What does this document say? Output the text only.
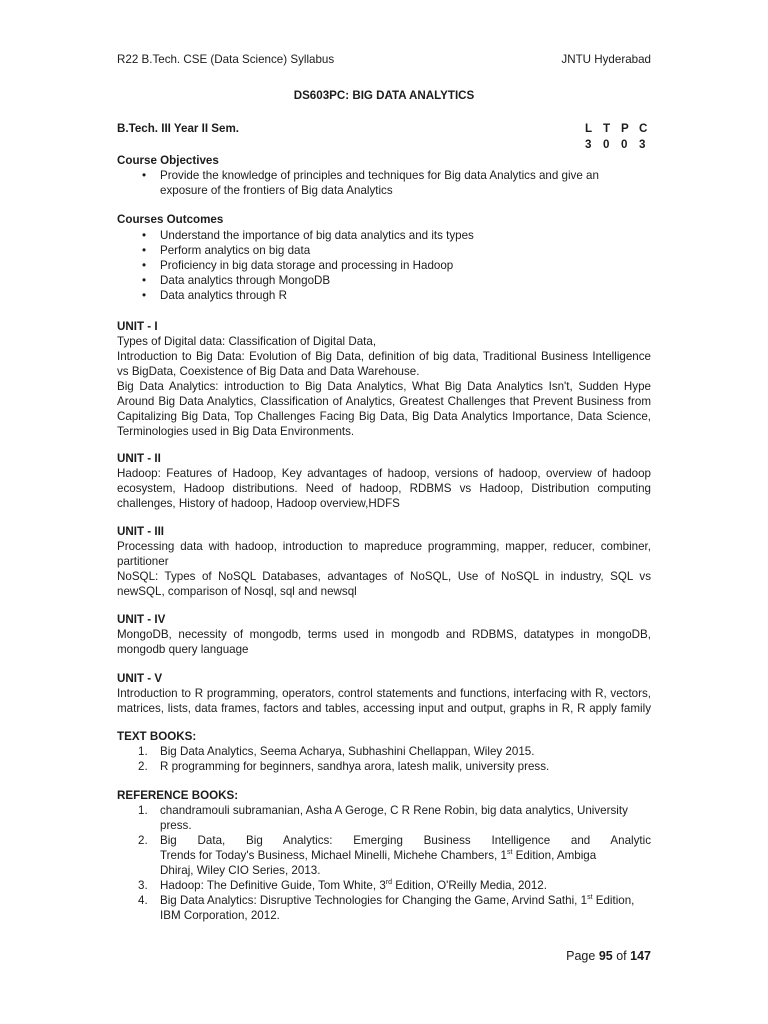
R22 B.Tech. CSE (Data Science) Syllabus	JNTU Hyderabad
DS603PC: BIG DATA ANALYTICS
B.Tech. III Year II Sem.	L T P C
3 0 0 3
Course Objectives
• Provide the knowledge of principles and techniques for Big data Analytics and give an
exposure of the frontiers of Big data Analytics
Courses Outcomes
• Understand the importance of big data analytics and its types
• Perform analytics on big data
• Proficiency in big data storage and processing in Hadoop
• Data analytics through MongoDB
• Data analytics through R
UNIT - I
Types of Digital data: Classification of Digital Data,
Introduction to Big Data: Evolution of Big Data, definition of big data, Traditional Business Intelligence
vs BigData, Coexistence of Big Data and Data Warehouse.
Big Data Analytics: introduction to Big Data Analytics, What Big Data Analytics Isn't, Sudden Hype
Around Big Data Analytics, Classification of Analytics, Greatest Challenges that Prevent Business from
Capitalizing Big Data, Top Challenges Facing Big Data, Big Data Analytics Importance, Data Science,
Terminologies used in Big Data Environments.
UNIT - II
Hadoop: Features of Hadoop, Key advantages of hadoop, versions of hadoop, overview of hadoop
ecosystem, Hadoop distributions. Need of hadoop, RDBMS vs Hadoop, Distribution computing
challenges, History of hadoop, Hadoop overview,HDFS
UNIT - III
Processing data with hadoop, introduction to mapreduce programming, mapper, reducer, combiner,
partitioner
NoSQL: Types of NoSQL Databases, advantages of NoSQL, Use of NoSQL in industry, SQL vs
newSQL, comparison of Nosql, sql and newsql
UNIT - IV
MongoDB, necessity of mongodb, terms used in mongodb and RDBMS, datatypes in mongoDB,
mongodb query language
UNIT - V
Introduction to R programming, operators, control statements and functions, interfacing with R, vectors,
matrices, lists, data frames, factors and tables, accessing input and output, graphs in R, R apply family
TEXT BOOKS:
1. Big Data Analytics, Seema Acharya, Subhashini Chellappan, Wiley 2015.
2. R programming for beginners, sandhya arora, latesh malik, university press.
REFERENCE BOOKS:
1. chandramouli subramanian, Asha A Geroge, C R Rene Robin, big data analytics, University
press.
2. Big Data, Big Analytics: Emerging Business Intelligence and Analytic
Trends for Today's Business, Michael Minelli, Michehe Chambers, 1st Edition, Ambiga
Dhiraj, Wiley CIO Series, 2013.
3. Hadoop: The Definitive Guide, Tom White, 3rd Edition, O'Reilly Media, 2012.
4. Big Data Analytics: Disruptive Technologies for Changing the Game, Arvind Sathi, 1st Edition,
IBM Corporation, 2012.
Page 95 of 147
